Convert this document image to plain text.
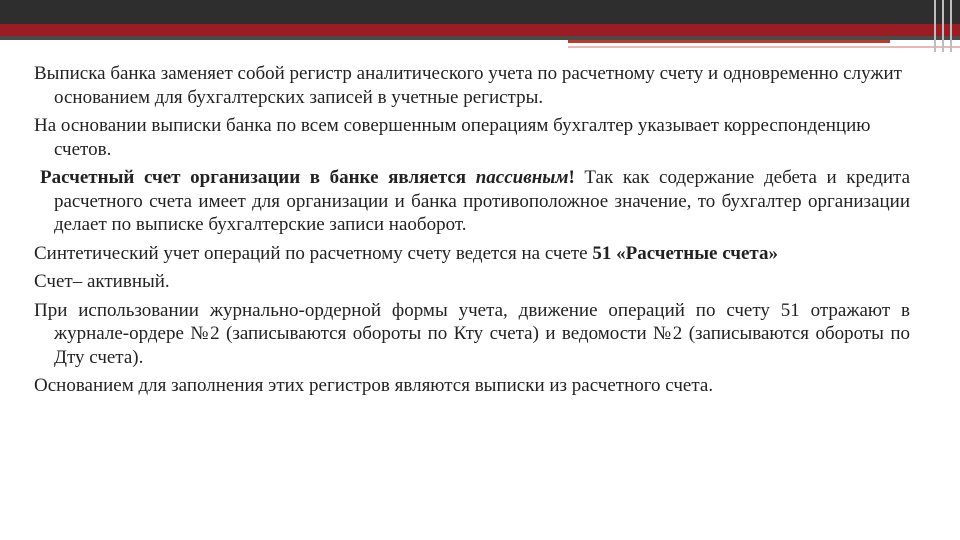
Выписка банка заменяет собой регистр аналитического учета по расчетному счету и одновременно служит основанием для бухгалтерских записей в учетные регистры.

На основании выписки банка по всем совершенным операциям бухгалтер указывает корреспонденцию счетов.

Расчетный счет организации в банке является пассивным! Так как содержание дебета и кредита расчетного счета имеет для организации и банка противоположное значение, то бухгалтер организации делает по выписке бухгалтерские записи наоборот.

Синтетический учет операций по расчетному счету ведется на счете 51 «Расчетные счета»

Счет– активный.

При использовании журнально-ордерной формы учета, движение операций по счету 51 отражают в журнале-ордере №2 (записываются обороты по Кту счета) и ведомости №2 (записываются обороты по Дту счета).

Основанием для заполнения этих регистров являются выписки из расчетного счета.
